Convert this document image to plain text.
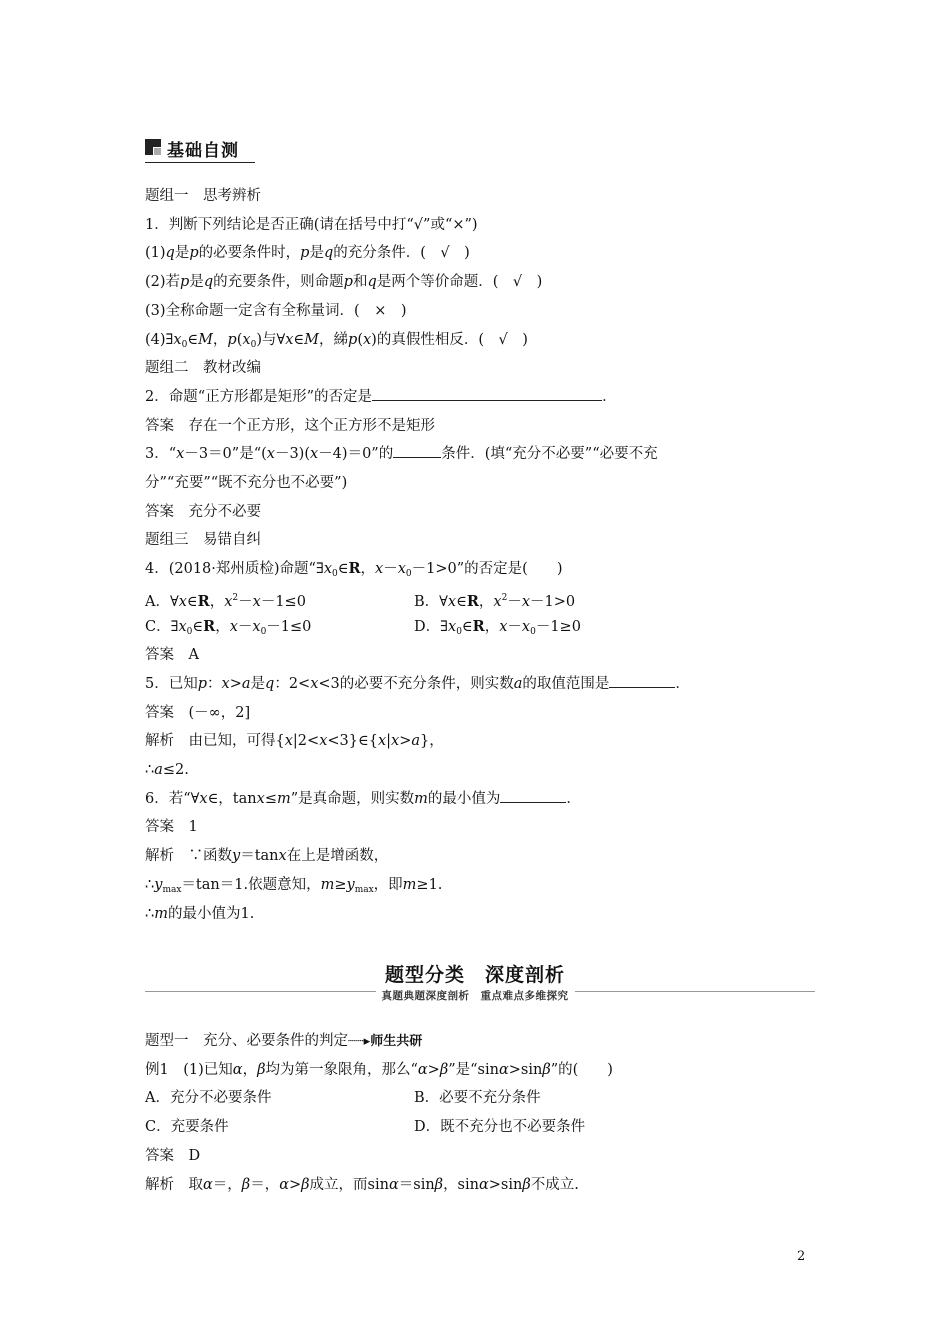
基础自测
题组一　思考辨析
1．判断下列结论是否正确(请在括号中打“√”或“×”)
(1)q是p的必要条件时，p是q的充分条件．(　√　)
(2)若p是q的充要条件，则命题p和q是两个等价命题．(　√　)
(3)全称命题一定含有全称量词．(　×　)
$(4)\exists x_0\in M$，$p(x_0)$与∀x∈M，綈p(x)的真假性相反．(　√　)
题组二　教材改编
2．命题“正方形都是矩形”的否定是	．
答案　存在一个正方形，这个正方形不是矩形
3．“x－3＝0”是“(x－3)(x－4)＝0”的	条件．(填“充分不必要”“必要不充
分”“充要”“既不充分也不必要”)
答案　充分不必要
题组三　易错自纠
4．(2018·郑州质检)命题“$\exists x_0\in R$，$x-x_0-1>0$”的否定是(　　)
A．∀x∈R，$x^2-x-1\le 0$	B．∀x∈R，$x^2-x-1>0$
C．$\exists x_0\in R$，$x-x_0-1\le 0$	D．$\exists x_0\in R$，$x-x_0-1\ge 0$
答案　A
5．已知p：x>a是q：2<x<3的必要不充分条件，则实数a的取值范围是	．
答案　(－∞，2]
解析　由已知，可得{x|2<x<3}∈{x|x>a}，
∴a≤2.
6．若“∀x∈，tanx≤m”是真命题，则实数m的最小值为	．
答案　1
解析　∵函数y＝tanx在上是增函数，
$\therefore y_{max}=\tan=1$.依题意知，$m\ge y_{max}$，即m≥1.
∴m的最小值为1.
题型分类　深度剖析
真题典题深度剖析　重点难点多维探究
题型一　充分、必要条件的判定┈┈▸师生共研
例1　(1)已知α，β均为第一象限角，那么“α>β”是“sinα>sinβ”的(　　)
A．充分不必要条件	B．必要不充分条件
C．充要条件	D．既不充分也不必要条件
答案　D
解析　取α＝，β＝，α>β成立，而sinα＝sinβ，sinα>sinβ不成立.
2
